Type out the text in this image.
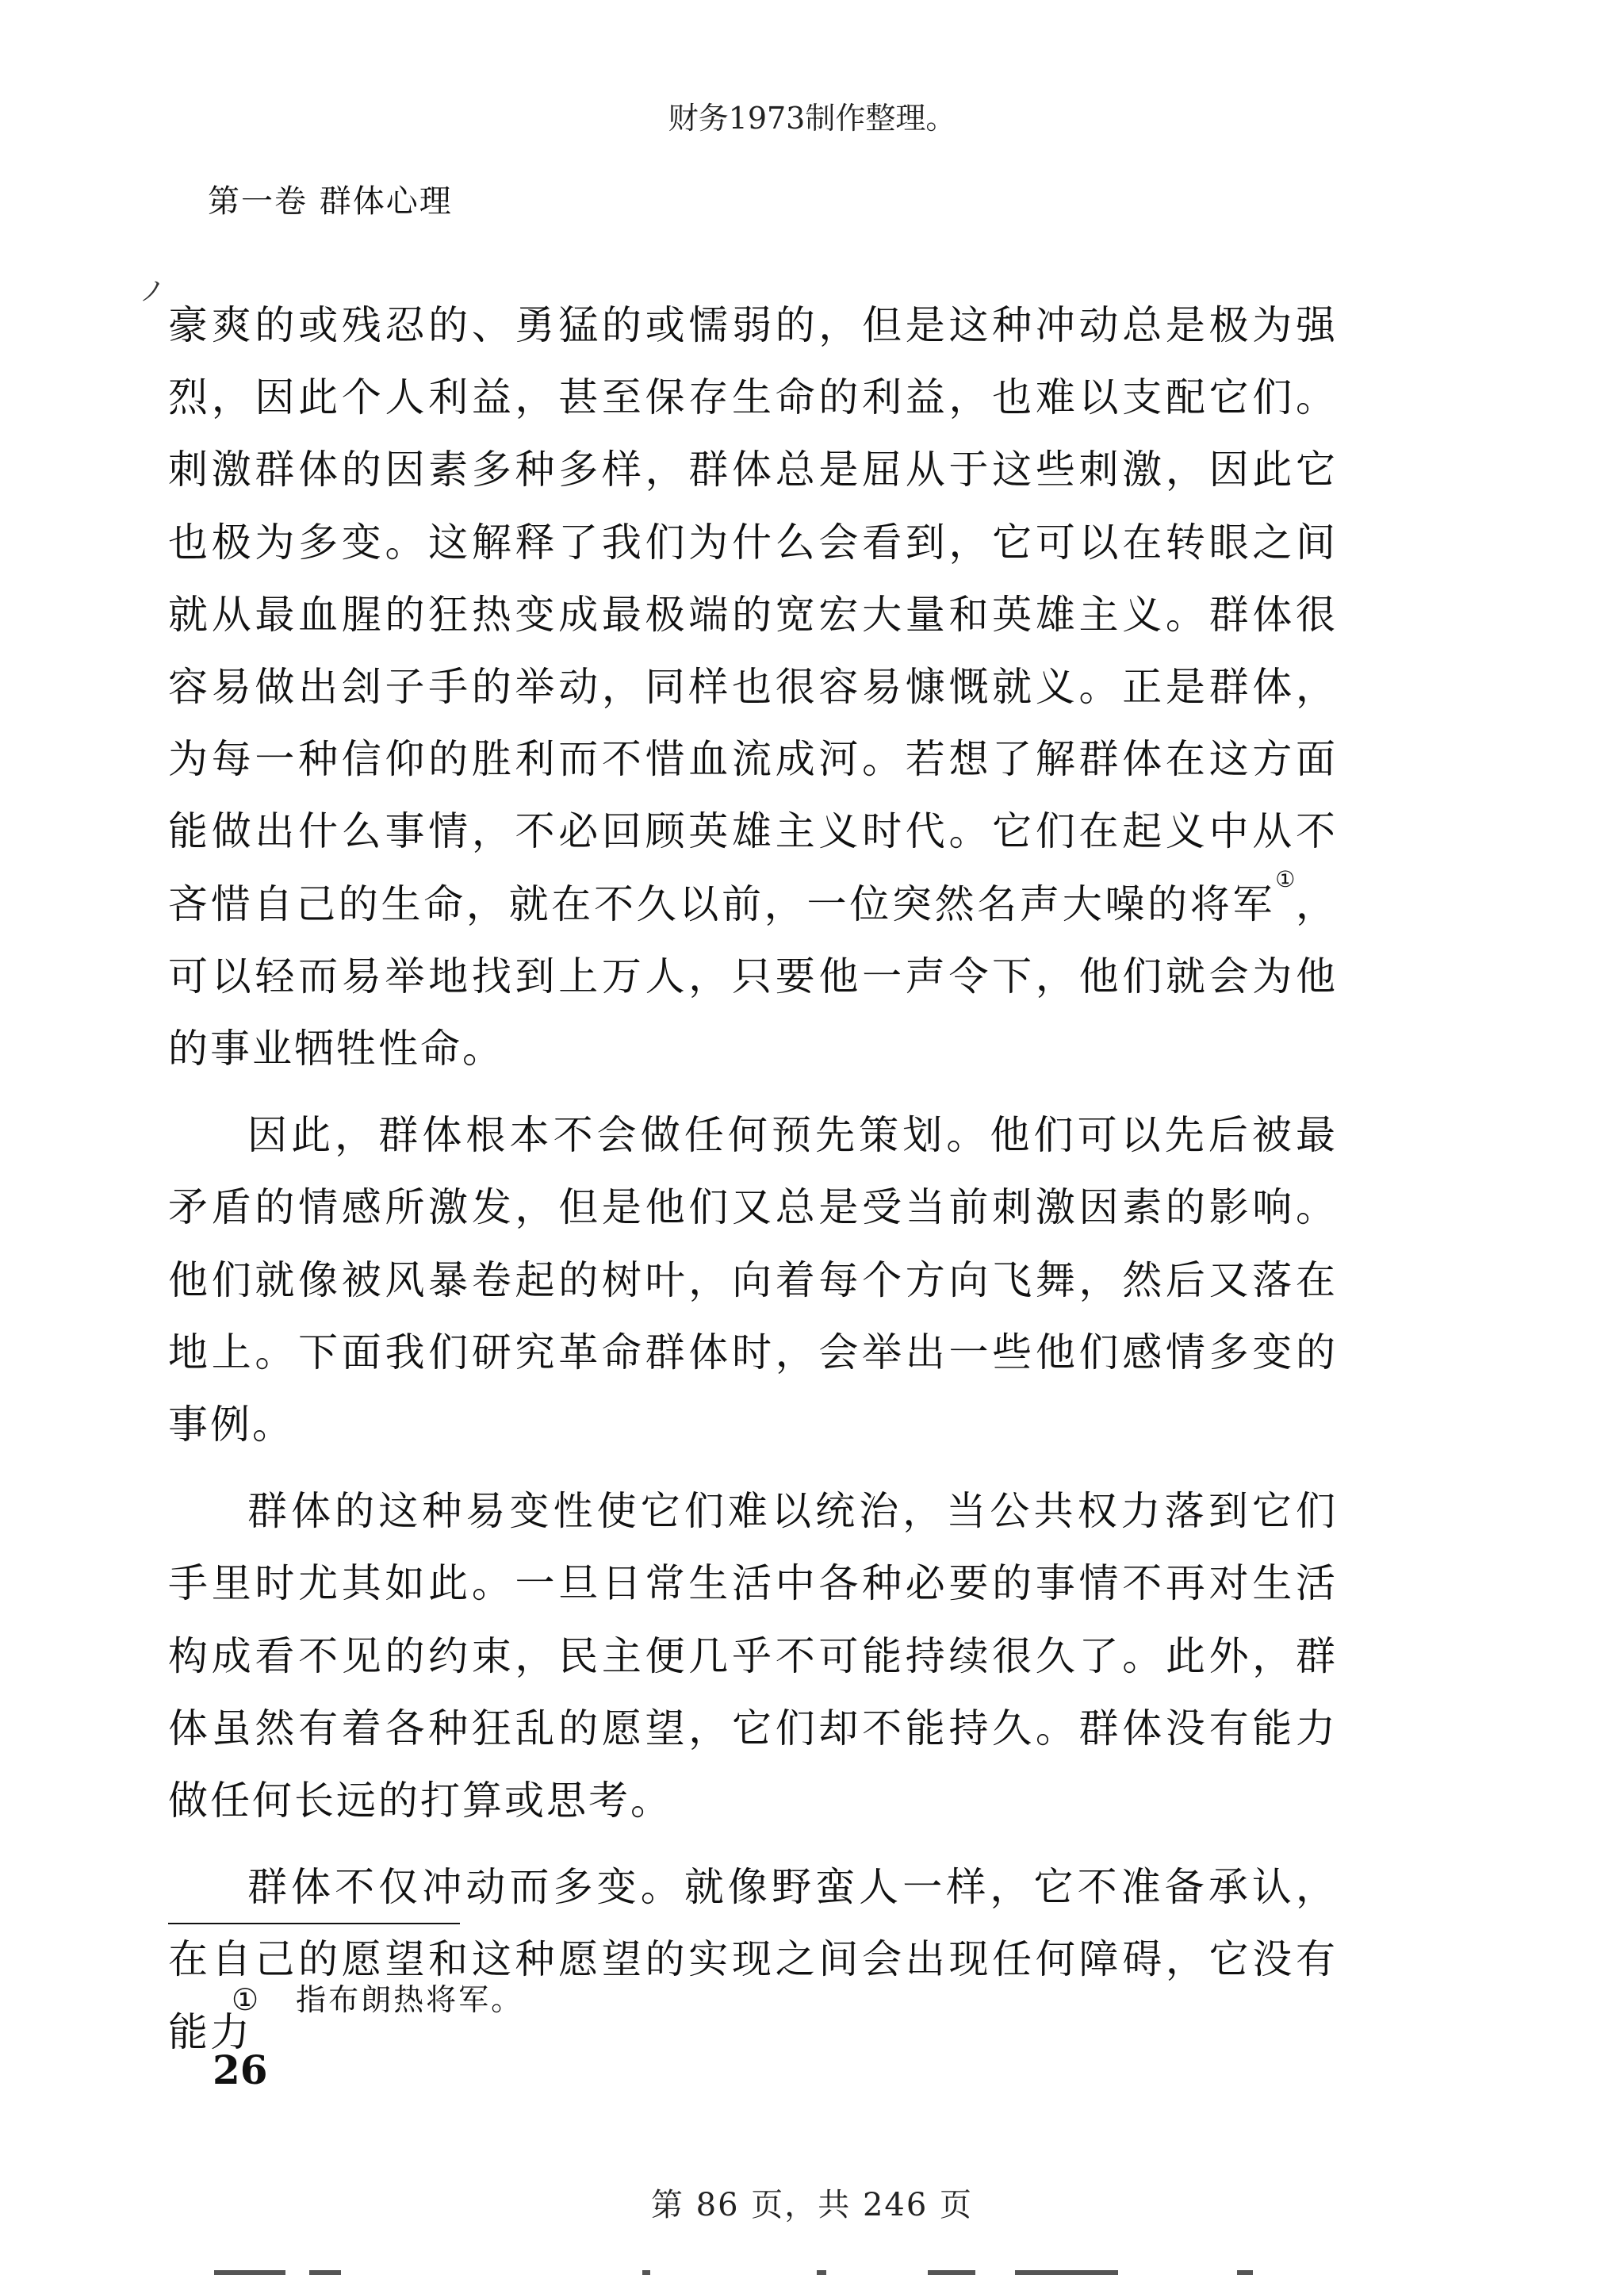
财务1973制作整理。
第一卷 群体心理
ノ

豪爽的或残忍的、勇猛的或懦弱的，但是这种冲动总是极为强烈，因此个人利益，甚至保存生命的利益，也难以支配它们。刺激群体的因素多种多样，群体总是屈从于这些刺激，因此它也极为多变。这解释了我们为什么会看到，它可以在转眼之间就从最血腥的狂热变成最极端的宽宏大量和英雄主义。群体很容易做出刽子手的举动，同样也很容易慷慨就义。正是群体，为每一种信仰的胜利而不惜血流成河。若想了解群体在这方面能做出什么事情，不必回顾英雄主义时代。它们在起义中从不吝惜自己的生命，就在不久以前，一位突然名声大噪的将军①，可以轻而易举地找到上万人，只要他一声令下，他们就会为他的事业牺牲性命。

因此，群体根本不会做任何预先策划。他们可以先后被最矛盾的情感所激发，但是他们又总是受当前刺激因素的影响。他们就像被风暴卷起的树叶，向着每个方向飞舞，然后又落在地上。下面我们研究革命群体时，会举出一些他们感情多变的事例。

群体的这种易变性使它们难以统治，当公共权力落到它们手里时尤其如此。一旦日常生活中各种必要的事情不再对生活构成看不见的约束，民主便几乎不可能持续很久了。此外，群体虽然有着各种狂乱的愿望，它们却不能持久。群体没有能力做任何长远的打算或思考。

群体不仅冲动而多变。就像野蛮人一样，它不准备承认，在自己的愿望和这种愿望的实现之间会出现任何障碍，它没有能力

① 指布朗热将军。
26
第 86 页，共 246 页
